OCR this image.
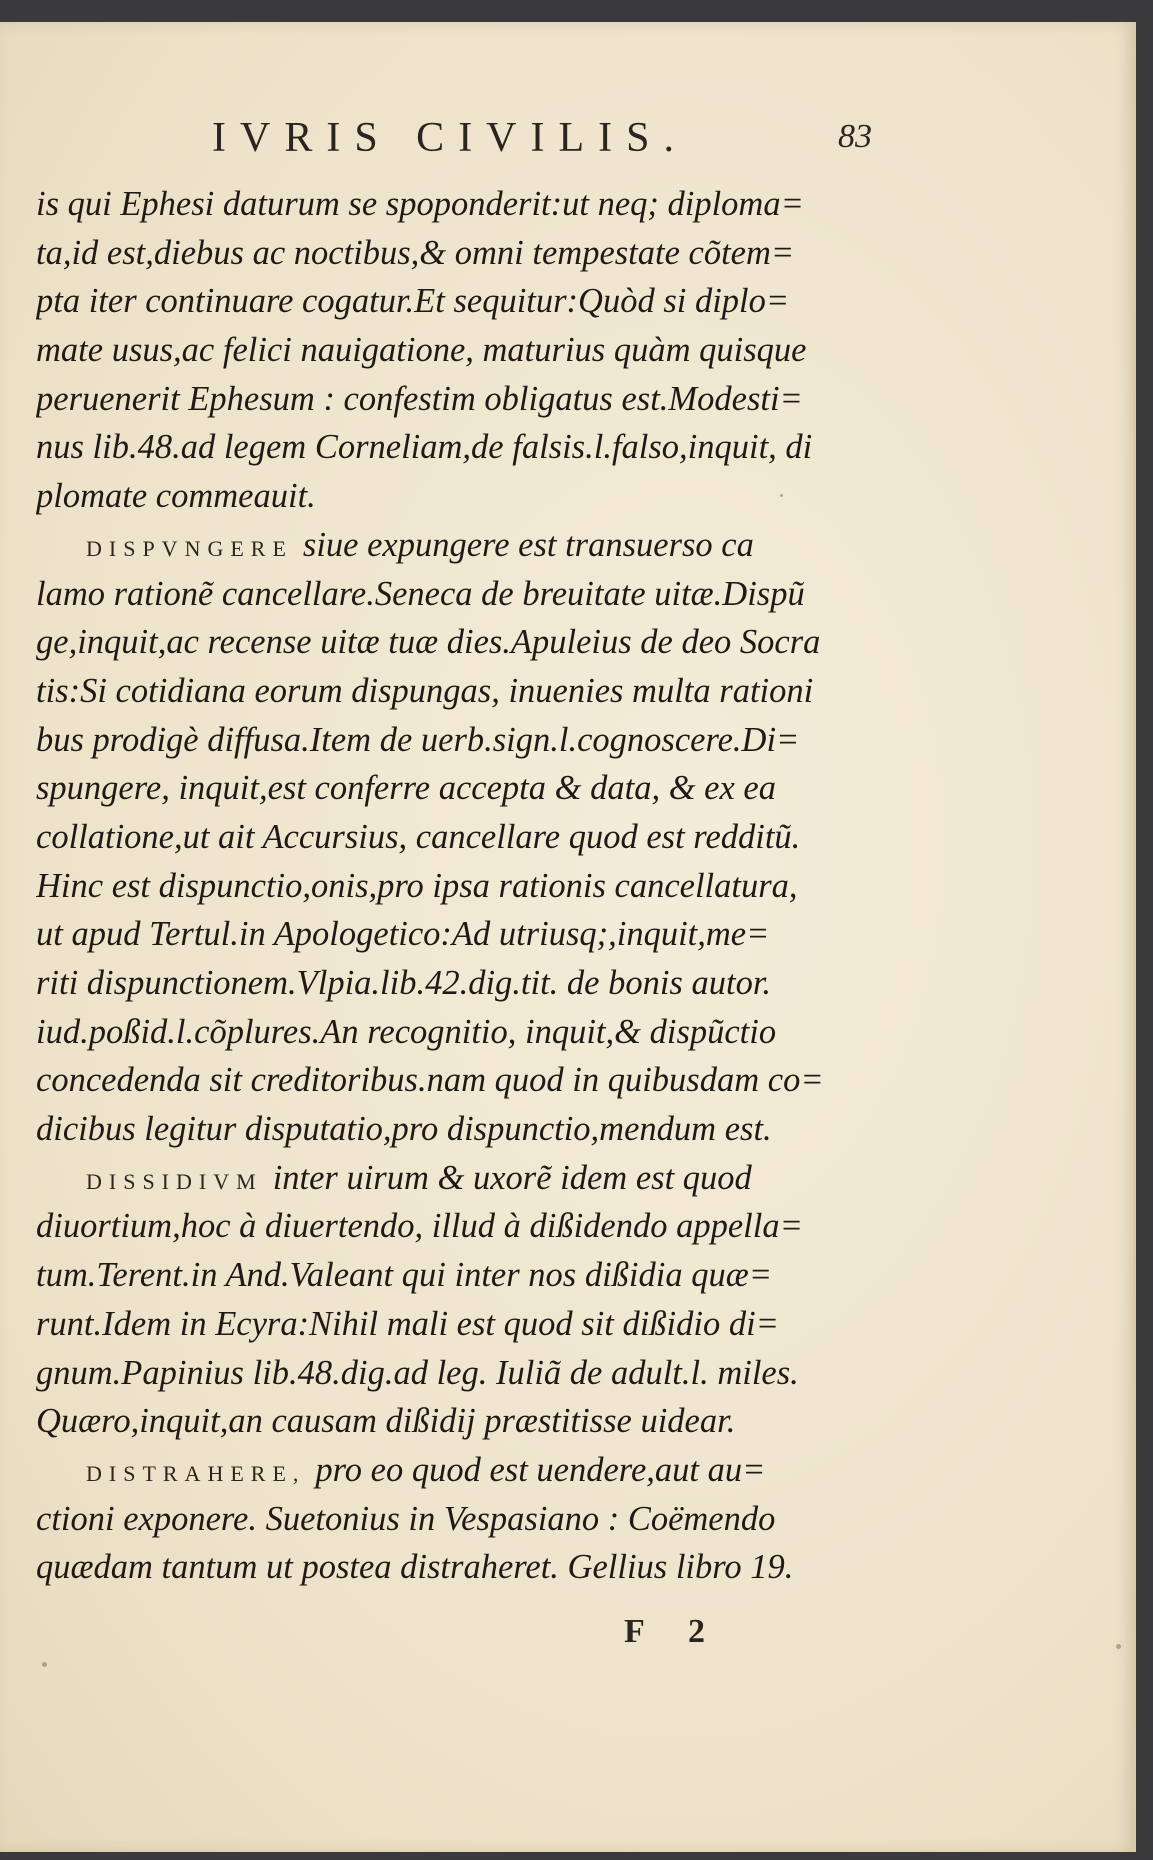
IVRIS CIVILIS.	83
is qui Ephesi daturum se spoponderit:ut neq; diploma=
ta,id est,diebus ac noctibus,& omni tempestate cõtem=
pta iter continuare cogatur.Et sequitur:Quòd si diplo=
mate usus,ac felici nauigatione, maturius quàm quisque
peruenerit Ephesum : confestim obligatus est.Modesti=
nus lib.48.ad legem Corneliam,de falsis.l.falso,inquit, di
plomate commeauit.
DISPVNGERE siue expungere est transuerso ca
lamo rationẽ cancellare.Seneca de breuitate uitæ.Dispũ
ge,inquit,ac recense uitæ tuæ dies.Apuleius de deo Socra
tis:Si cotidiana eorum dispungas, inuenies multa rationi
bus prodigè diffusa.Item de uerb.sign.l.cognoscere.Di=
spungere, inquit,est conferre accepta & data, & ex ea
collatione,ut ait Accursius, cancellare quod est redditũ.
Hinc est dispunctio,onis,pro ipsa rationis cancellatura,
ut apud Tertul.in Apologetico:Ad utriusq;,inquit,me=
riti dispunctionem.Vlpia.lib.42.dig.tit. de bonis autor.
iud.poßid.l.cõplures.An recognitio, inquit,& dispũctio
concedenda sit creditoribus.nam quod in quibusdam co=
dicibus legitur disputatio,pro dispunctio,mendum est.
DISSIDIVM inter uirum & uxorẽ idem est quod
diuortium,hoc à diuertendo, illud à dißidendo appella=
tum.Terent.in And.Valeant qui inter nos dißidia quæ=
runt.Idem in Ecyra:Nihil mali est quod sit dißidio di=
gnum.Papinius lib.48.dig.ad leg. Iuliã de adult.l. miles.
Quæro,inquit,an causam dißidij præstitisse uidear.
DISTRAHERE, pro eo quod est uendere,aut au=
ctioni exponere. Suetonius in Vespasiano : Coëmendo
quædam tantum ut postea distraheret. Gellius libro 19.
F 2
